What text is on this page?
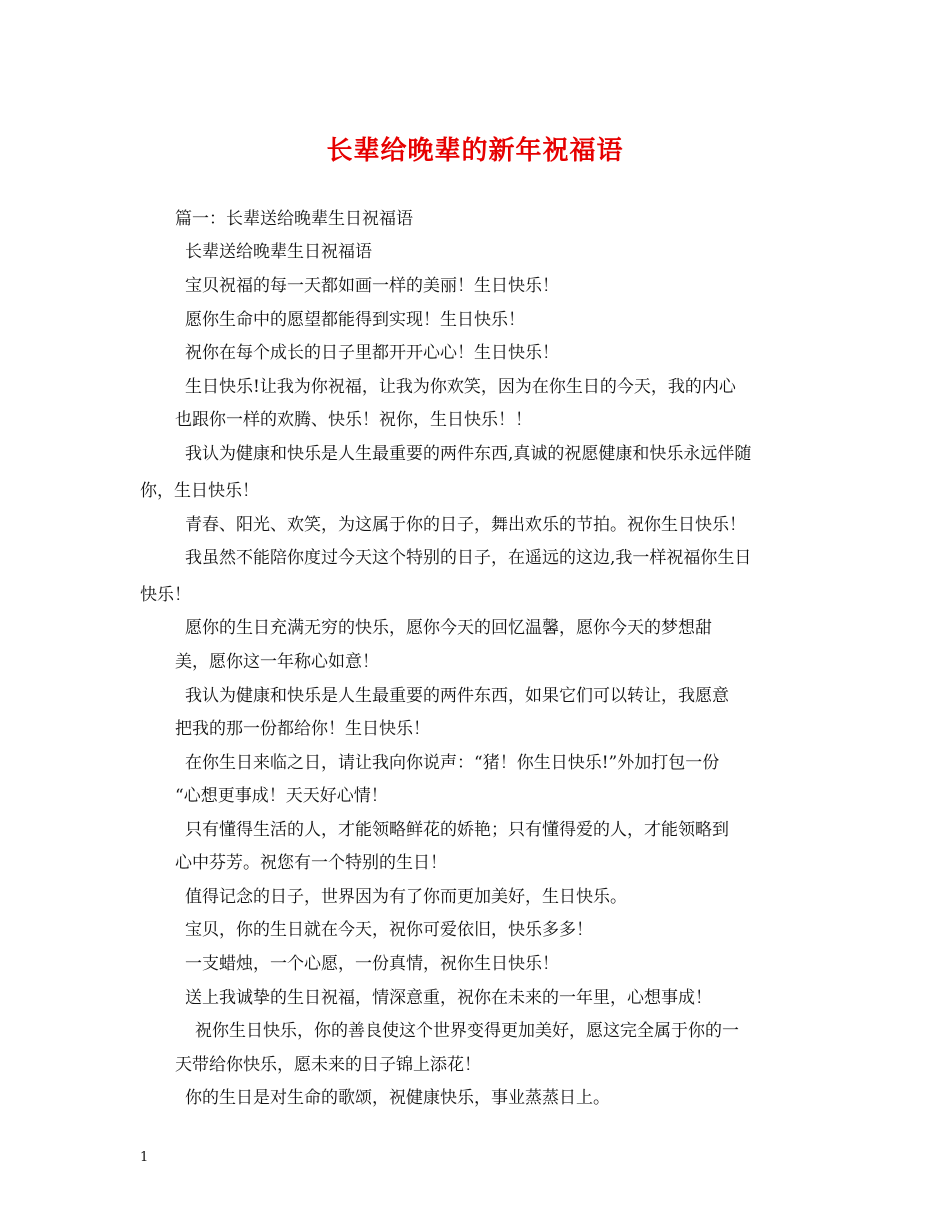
长辈给晚辈的新年祝福语

篇一：长辈送给晚辈生日祝福语

长辈送给晚辈生日祝福语

宝贝祝福的每一天都如画一样的美丽！生日快乐！

愿你生命中的愿望都能得到实现！生日快乐！

祝你在每个成长的日子里都开开心心！生日快乐！

生日快乐!让我为你祝福，让我为你欢笑，因为在你生日的今天，我的内心

也跟你一样的欢腾、快乐！祝你，生日快乐！！

我认为健康和快乐是人生最重要的两件东西,真诚的祝愿健康和快乐永远伴随

你，生日快乐！

青春、阳光、欢笑，为这属于你的日子，舞出欢乐的节拍。祝你生日快乐！

我虽然不能陪你度过今天这个特别的日子，在遥远的这边,我一样祝福你生日

快乐！

愿你的生日充满无穷的快乐，愿你今天的回忆温馨，愿你今天的梦想甜

美，愿你这一年称心如意！

我认为健康和快乐是人生最重要的两件东西，如果它们可以转让，我愿意

把我的那一份都给你！生日快乐！

在你生日来临之日，请让我向你说声：“猪！你生日快乐!”外加打包一份

“心想更事成！天天好心情！

只有懂得生活的人，才能领略鲜花的娇艳；只有懂得爱的人，才能领略到

心中芬芳。祝您有一个特别的生日！

值得记念的日子，世界因为有了你而更加美好，生日快乐。

宝贝，你的生日就在今天，祝你可爱依旧，快乐多多！

一支蜡烛，一个心愿，一份真情，祝你生日快乐！

送上我诚挚的生日祝福，情深意重，祝你在未来的一年里，心想事成！

祝你生日快乐，你的善良使这个世界变得更加美好，愿这完全属于你的一

天带给你快乐，愿未来的日子锦上添花！

你的生日是对生命的歌颂，祝健康快乐，事业蒸蒸日上。

1
